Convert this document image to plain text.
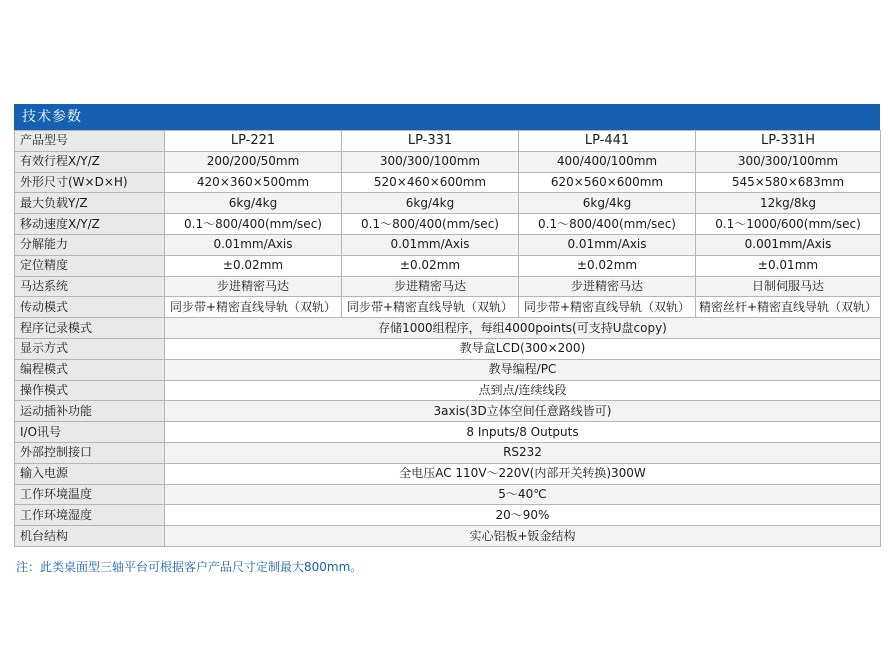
技术参数
产品型号	LP-221	LP-331	LP-441	LP-331H
有效行程X/Y/Z	200/200/50mm	300/300/100mm	400/400/100mm	300/300/100mm
外形尺寸(W×D×H)	420×360×500mm	520×460×600mm	620×560×600mm	545×580×683mm
最大负载Y/Z	6kg/4kg	6kg/4kg	6kg/4kg	12kg/8kg
移动速度X/Y/Z	0.1～800/400(mm/sec)	0.1～800/400(mm/sec)	0.1～800/400(mm/sec)	0.1～1000/600(mm/sec)
分解能力	0.01mm/Axis	0.01mm/Axis	0.01mm/Axis	0.001mm/Axis
定位精度	±0.02mm	±0.02mm	±0.02mm	±0.01mm
马达系统	步进精密马达	步进精密马达	步进精密马达	日制伺服马达
传动模式	同步带+精密直线导轨（双轨）	同步带+精密直线导轨（双轨）	同步带+精密直线导轨（双轨）	精密丝杆+精密直线导轨（双轨）
程序记录模式	存储1000组程序，每组4000points(可支持U盘copy)			
显示方式	教导盒LCD(300×200)			
编程模式	教导编程/PC			
操作模式	点到点/连续线段			
运动插补功能	3axis(3D立体空间任意路线皆可)			
I/O讯号	8 Inputs/8 Outputs			
外部控制接口	RS232			
输入电源	全电压AC 110V～220V(内部开关转换)300W			
工作环境温度	5～40℃			
工作环境湿度	20～90%			
机台结构	实心铝板+钣金结构			
注：此类桌面型三轴平台可根据客户产品尺寸定制最大800mm。
